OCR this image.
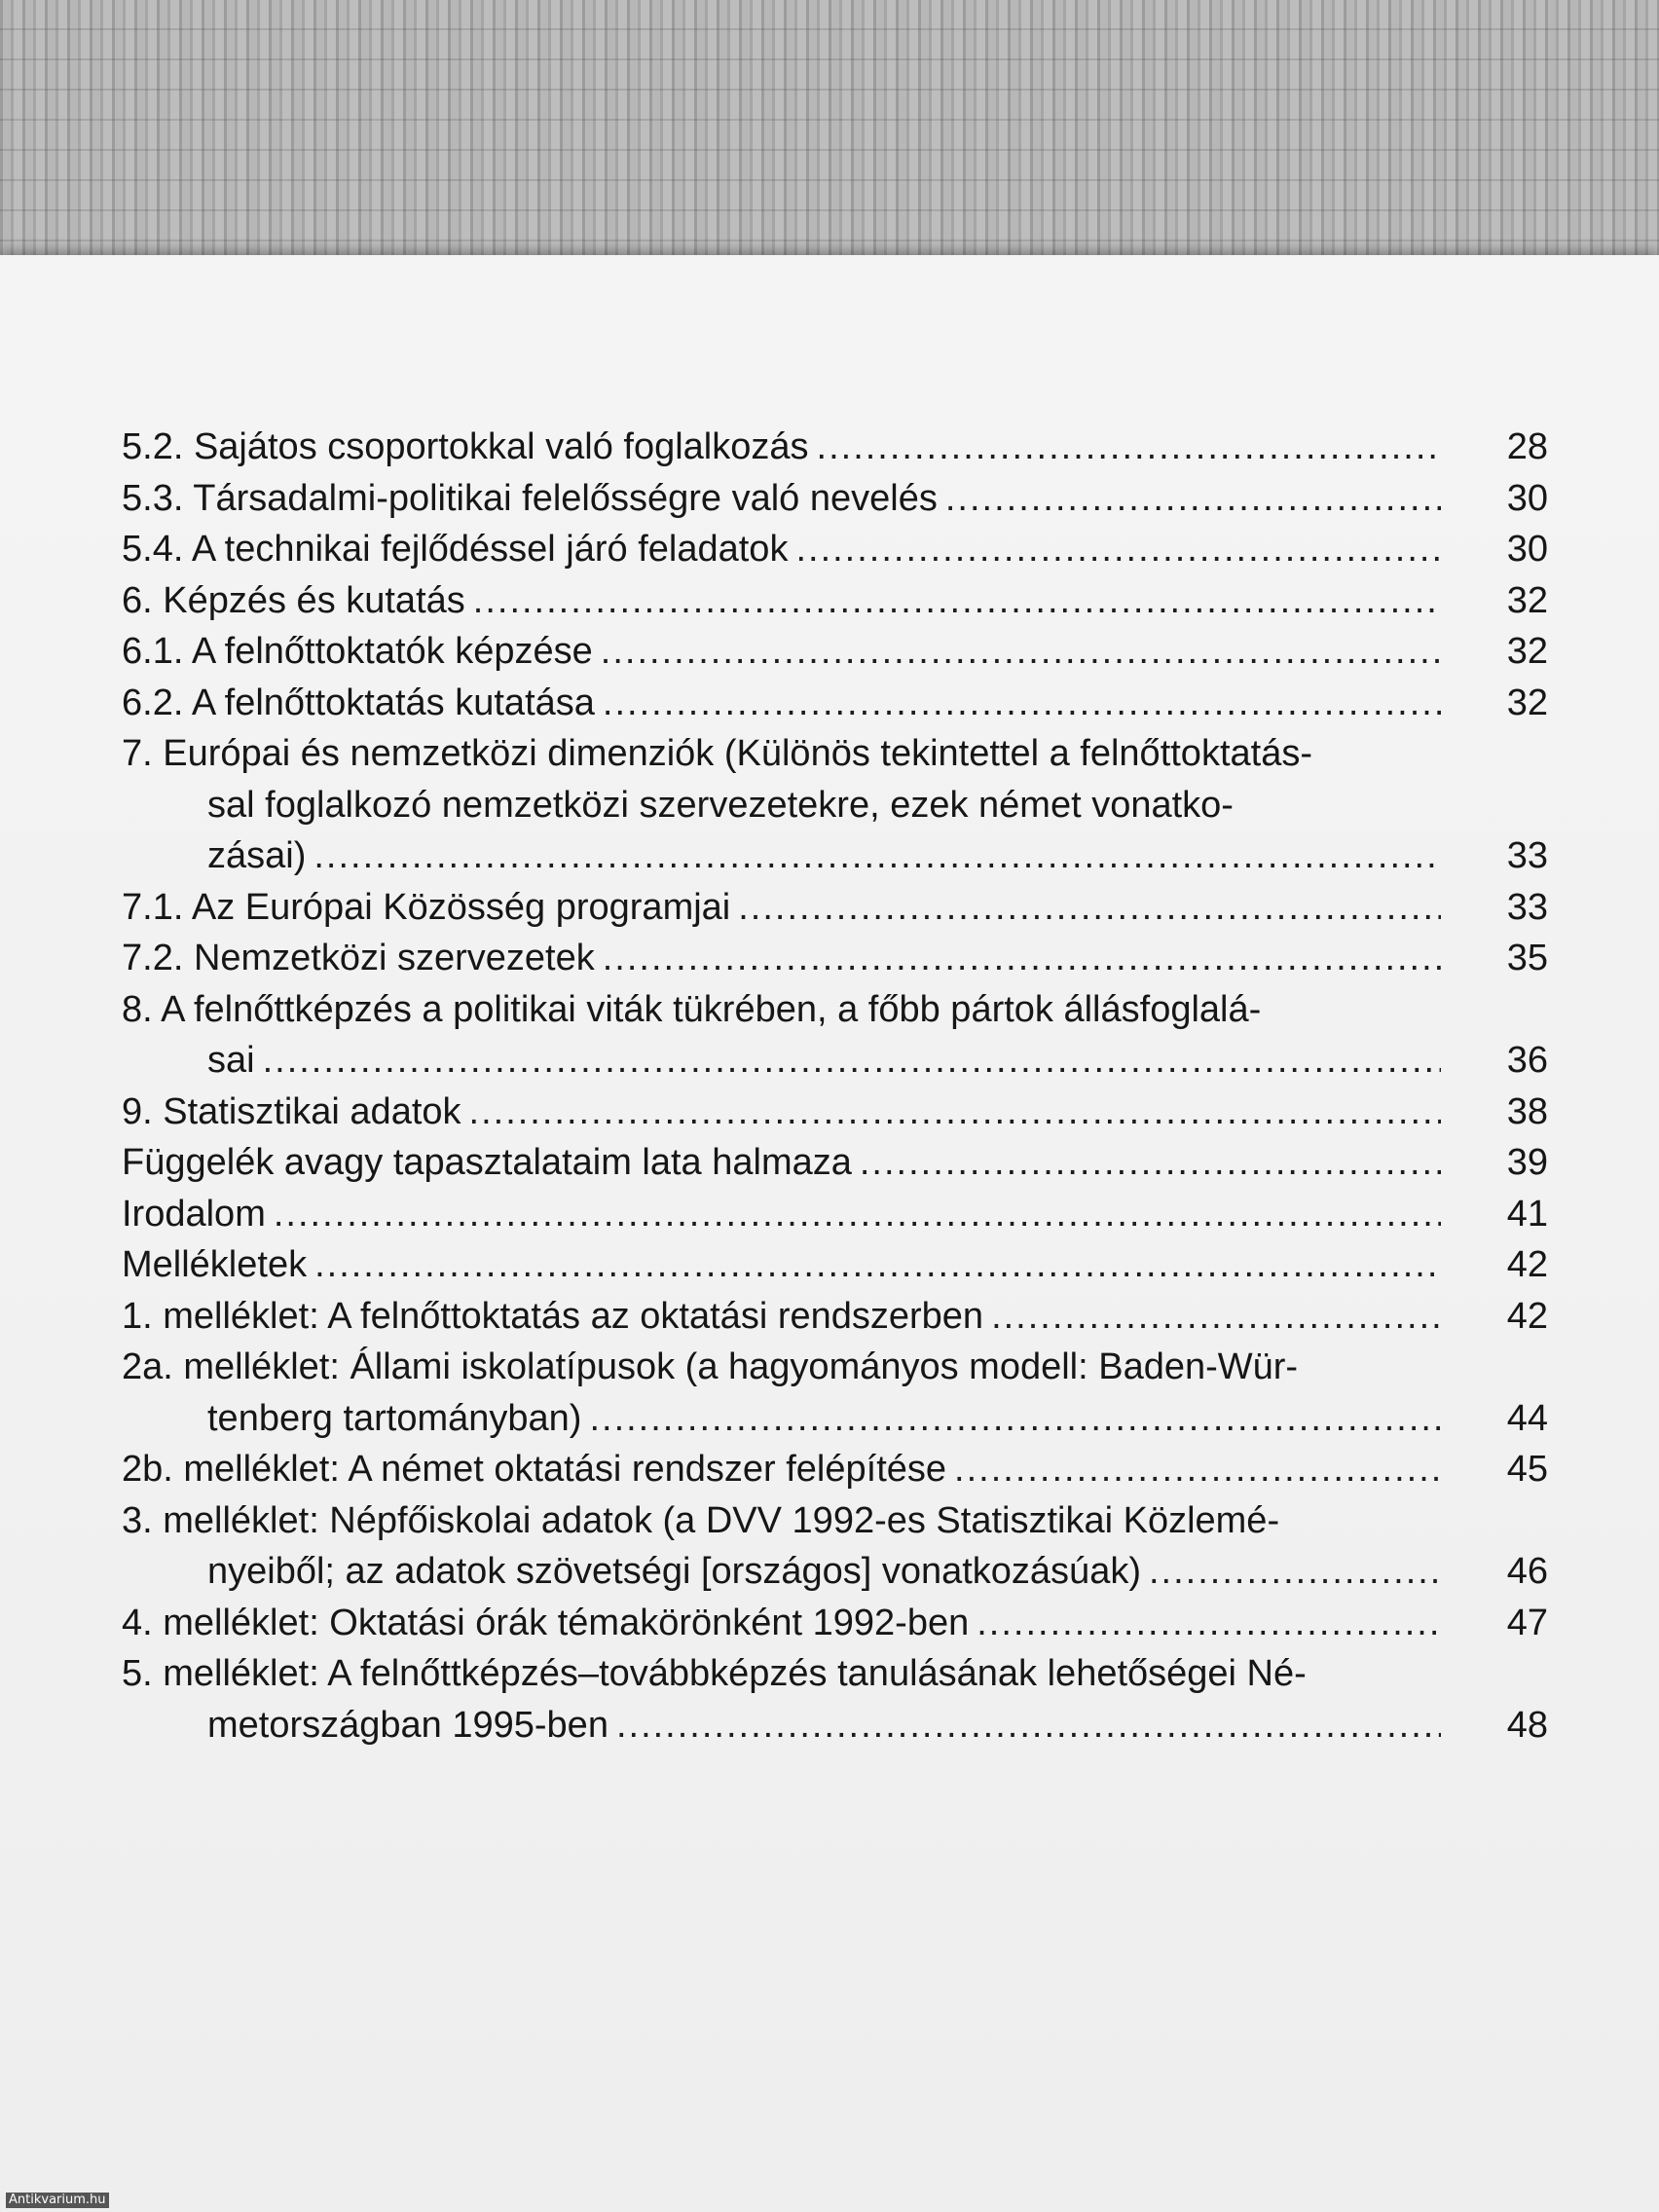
5.2. Sajátos csoportokkal való foglalkozás .....	28
5.3. Társadalmi-politikai felelősségre való nevelés .....	30
5.4. A technikai fejlődéssel járó feladatok .....	30
6. Képzés és kutatás .....	32
6.1. A felnőttoktatók képzése .....	32
6.2. A felnőttoktatás kutatása .....	32
7. Európai és nemzetközi dimenziók (Különös tekintettel a felnőttoktatás-
sal foglalkozó nemzetközi szervezetekre, ezek német vonatko-
zásai) .....	33
7.1. Az Európai Közösség programjai .....	33
7.2. Nemzetközi szervezetek .....	35
8. A felnőttképzés a politikai viták tükrében, a főbb pártok állásfoglalá-
sai .....	36
9. Statisztikai adatok .....	38
Függelék avagy tapasztalataim lata halmaza .....	39
Irodalom .....	41
Mellékletek .....	42
1. melléklet: A felnőttoktatás az oktatási rendszerben .....	42
2a. melléklet: Állami iskolatípusok (a hagyományos modell: Baden-Wür-
tenberg tartományban) .....	44
2b. melléklet: A német oktatási rendszer felépítése .....	45
3. melléklet: Népfőiskolai adatok (a DVV 1992-es Statisztikai Közlemé-
nyeiből; az adatok szövetségi [országos] vonatkozásúak) .....	46
4. melléklet: Oktatási órák témakörönként 1992-ben .....	47
5. melléklet: A felnőttképzés–továbbképzés tanulásának lehetőségei Né-
metországban 1995-ben .....	48
Antikvarium.hu
